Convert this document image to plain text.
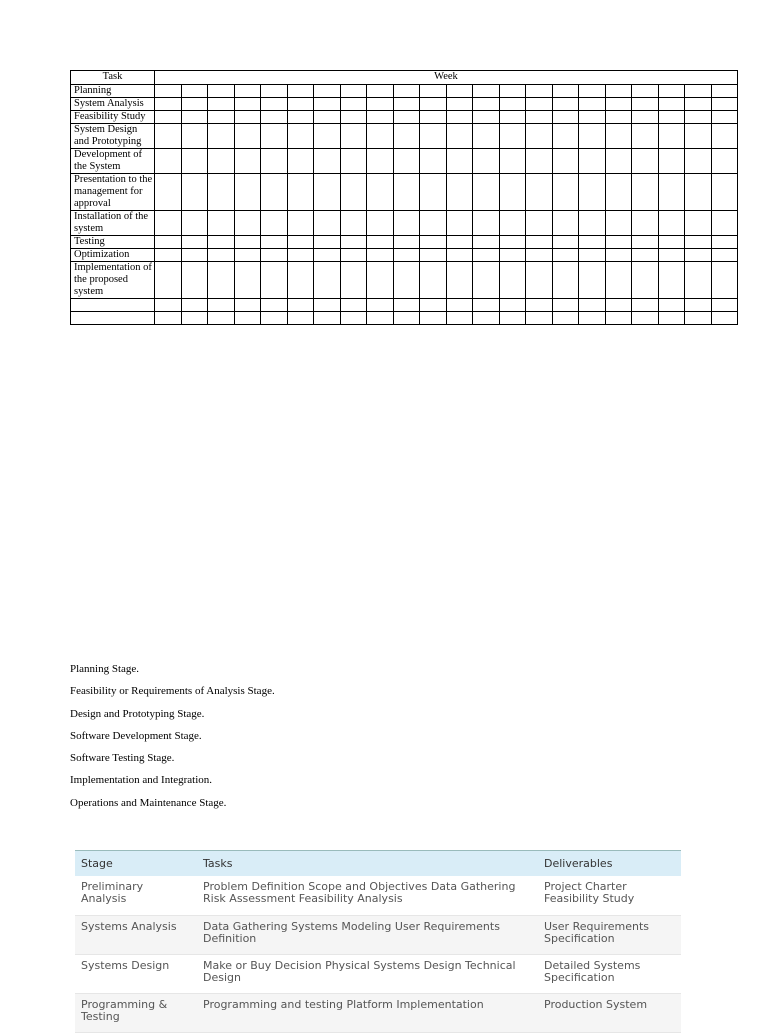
Task	Week																					
Planning																						
System Analysis																						
Feasibility Study																						
System Design and Prototyping																						
Development of the System																						
Presentation to the management for approval																						
Installation of the system																						
Testing																						
Optimization																						
Implementation of the proposed system																						

Planning Stage.
Feasibility or Requirements of Analysis Stage.
Design and Prototyping Stage.
Software Development Stage.
Software Testing Stage.
Implementation and Integration.
Operations and Maintenance Stage.
Stage	Tasks	Deliverables
Preliminary Analysis	Problem Definition Scope and Objectives Data Gathering Risk Assessment Feasibility Analysis	Project Charter Feasibility Study
Systems Analysis	Data Gathering Systems Modeling User Requirements Definition	User Requirements Specification
Systems Design	Make or Buy Decision Physical Systems Design Technical Design	Detailed Systems Specification
Programming & Testing	Programming and testing Platform Implementation	Production System
